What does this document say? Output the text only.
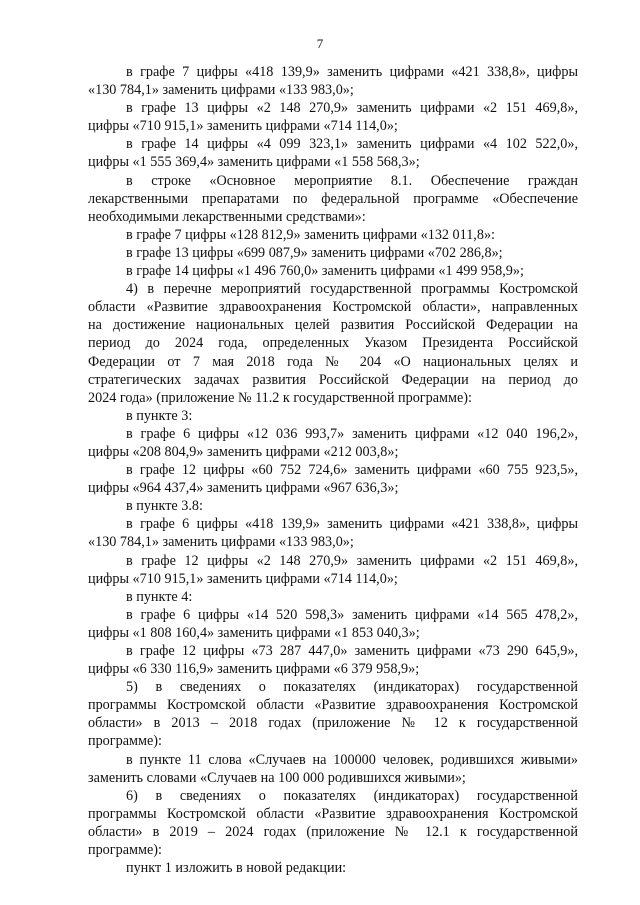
7
в графе 7 цифры «418 139,9» заменить цифрами «421 338,8», цифры
«130 784,1» заменить цифрами «133 983,0»;
в графе 13 цифры «2 148 270,9» заменить цифрами «2 151 469,8»,
цифры «710 915,1» заменить цифрами «714 114,0»;
в графе 14 цифры «4 099 323,1» заменить цифрами «4 102 522,0»,
цифры «1 555 369,4» заменить цифрами «1 558 568,3»;
в строке «Основное мероприятие 8.1. Обеспечение граждан
лекарственными препаратами по федеральной программе «Обеспечение
необходимыми лекарственными средствами»:
в графе 7 цифры «128 812,9» заменить цифрами «132 011,8»:
в графе 13 цифры «699 087,9» заменить цифрами «702 286,8»;
в графе 14 цифры «1 496 760,0» заменить цифрами «1 499 958,9»;
4) в перечне мероприятий государственной программы Костромской
области «Развитие здравоохранения Костромской области», направленных
на достижение национальных целей развития Российской Федерации на
период до 2024 года, определенных Указом Президента Российской
Федерации от 7 мая 2018 года № 204 «О национальных целях и
стратегических задачах развития Российской Федерации на период до
2024 года» (приложение № 11.2 к государственной программе):
в пункте 3:
в графе 6 цифры «12 036 993,7» заменить цифрами «12 040 196,2»,
цифры «208 804,9» заменить цифрами «212 003,8»;
в графе 12 цифры «60 752 724,6» заменить цифрами «60 755 923,5»,
цифры «964 437,4» заменить цифрами «967 636,3»;
в пункте 3.8:
в графе 6 цифры «418 139,9» заменить цифрами «421 338,8», цифры
«130 784,1» заменить цифрами «133 983,0»;
в графе 12 цифры «2 148 270,9» заменить цифрами «2 151 469,8»,
цифры «710 915,1» заменить цифрами «714 114,0»;
в пункте 4:
в графе 6 цифры «14 520 598,3» заменить цифрами «14 565 478,2»,
цифры «1 808 160,4» заменить цифрами «1 853 040,3»;
в графе 12 цифры «73 287 447,0» заменить цифрами «73 290 645,9»,
цифры «6 330 116,9» заменить цифрами «6 379 958,9»;
5) в сведениях о показателях (индикаторах) государственной
программы Костромской области «Развитие здравоохранения Костромской
области» в 2013 – 2018 годах (приложение № 12 к государственной
программе):
в пункте 11 слова «Случаев на 100000 человек, родившихся живыми»
заменить словами «Случаев на 100 000 родившихся живыми»;
6) в сведениях о показателях (индикаторах) государственной
программы Костромской области «Развитие здравоохранения Костромской
области» в 2019 – 2024 годах (приложение № 12.1 к государственной
программе):
пункт 1 изложить в новой редакции:
